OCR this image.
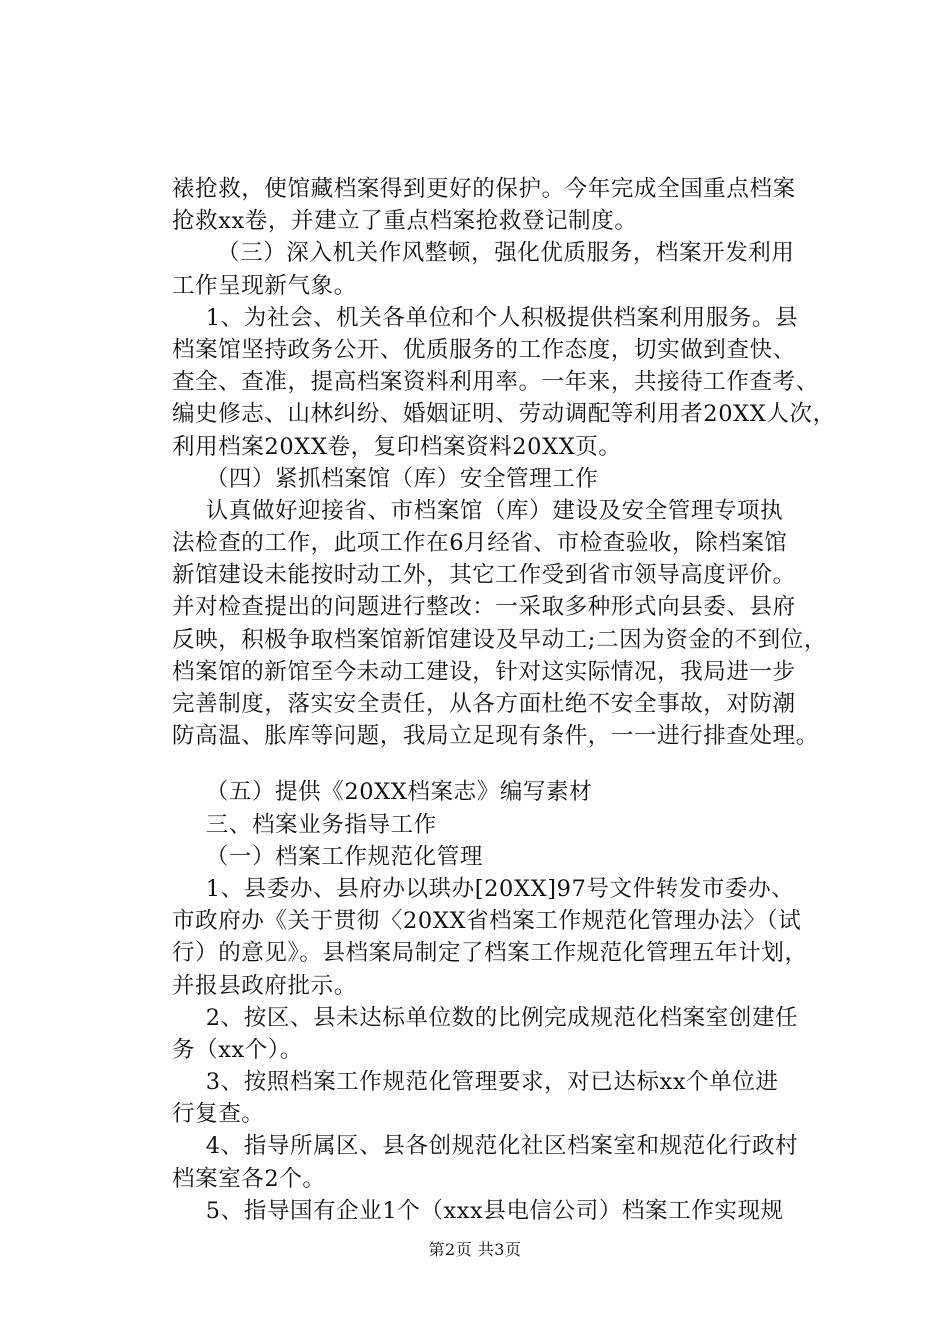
裱抢救，使馆藏档案得到更好的保护。今年完成全国重点档案
抢救xx卷，并建立了重点档案抢救登记制度。
（三）深入机关作风整顿，强化优质服务，档案开发利用
工作呈现新气象。
1、为社会、机关各单位和个人积极提供档案利用服务。县
档案馆坚持政务公开、优质服务的工作态度，切实做到查快、
查全、查准，提高档案资料利用率。一年来，共接待工作查考、
编史修志、山林纠纷、婚姻证明、劳动调配等利用者20XX人次，
利用档案20XX卷，复印档案资料20XX页。
（四）紧抓档案馆（库）安全管理工作
认真做好迎接省、市档案馆（库）建设及安全管理专项执
法检查的工作，此项工作在6月经省、市检查验收，除档案馆
新馆建设未能按时动工外，其它工作受到省市领导高度评价。
并对检查提出的问题进行整改：一采取多种形式向县委、县府
反映，积极争取档案馆新馆建设及早动工;二因为资金的不到位，
档案馆的新馆至今未动工建设，针对这实际情况，我局进一步
完善制度，落实安全责任，从各方面杜绝不安全事故，对防潮
防高温、胀库等问题，我局立足现有条件，一一进行排查处理。
（五）提供《20XX档案志》编写素材
三、档案业务指导工作
（一）档案工作规范化管理
1、县委办、县府办以珙办[20XX]97号文件转发市委办、
市政府办《关于贯彻〈20XX省档案工作规范化管理办法〉（试
行）的意见》。县档案局制定了档案工作规范化管理五年计划，
并报县政府批示。
2、按区、县未达标单位数的比例完成规范化档案室创建任
务（xx个）。
3、按照档案工作规范化管理要求，对已达标xx个单位进
行复查。
4、指导所属区、县各创规范化社区档案室和规范化行政村
档案室各2个。
5、指导国有企业1个（xxx县电信公司）档案工作实现规
第2页 共3页
